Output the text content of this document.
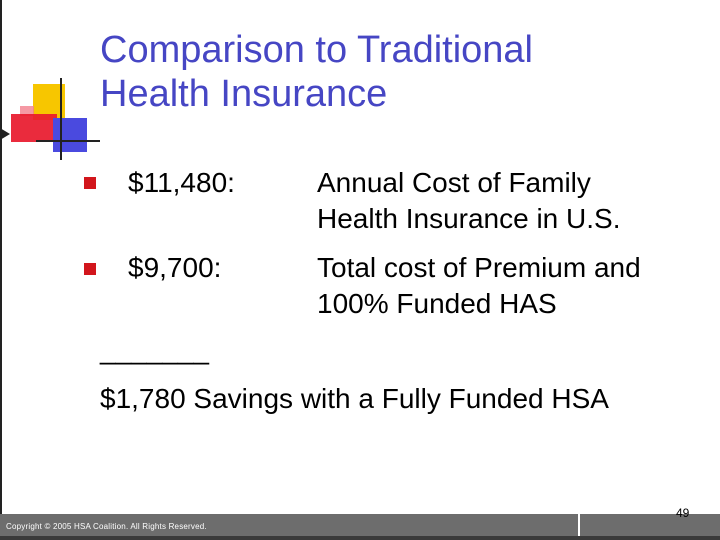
Comparison to Traditional
Health Insurance
$11,480:	Annual Cost of Family
Health Insurance in U.S.
$9,700:	Total cost of Premium and
100% Funded HAS
_______
$1,780 Savings with a Fully Funded HSA
Copyright © 2005 HSA Coalition. All Rights Reserved.
49
